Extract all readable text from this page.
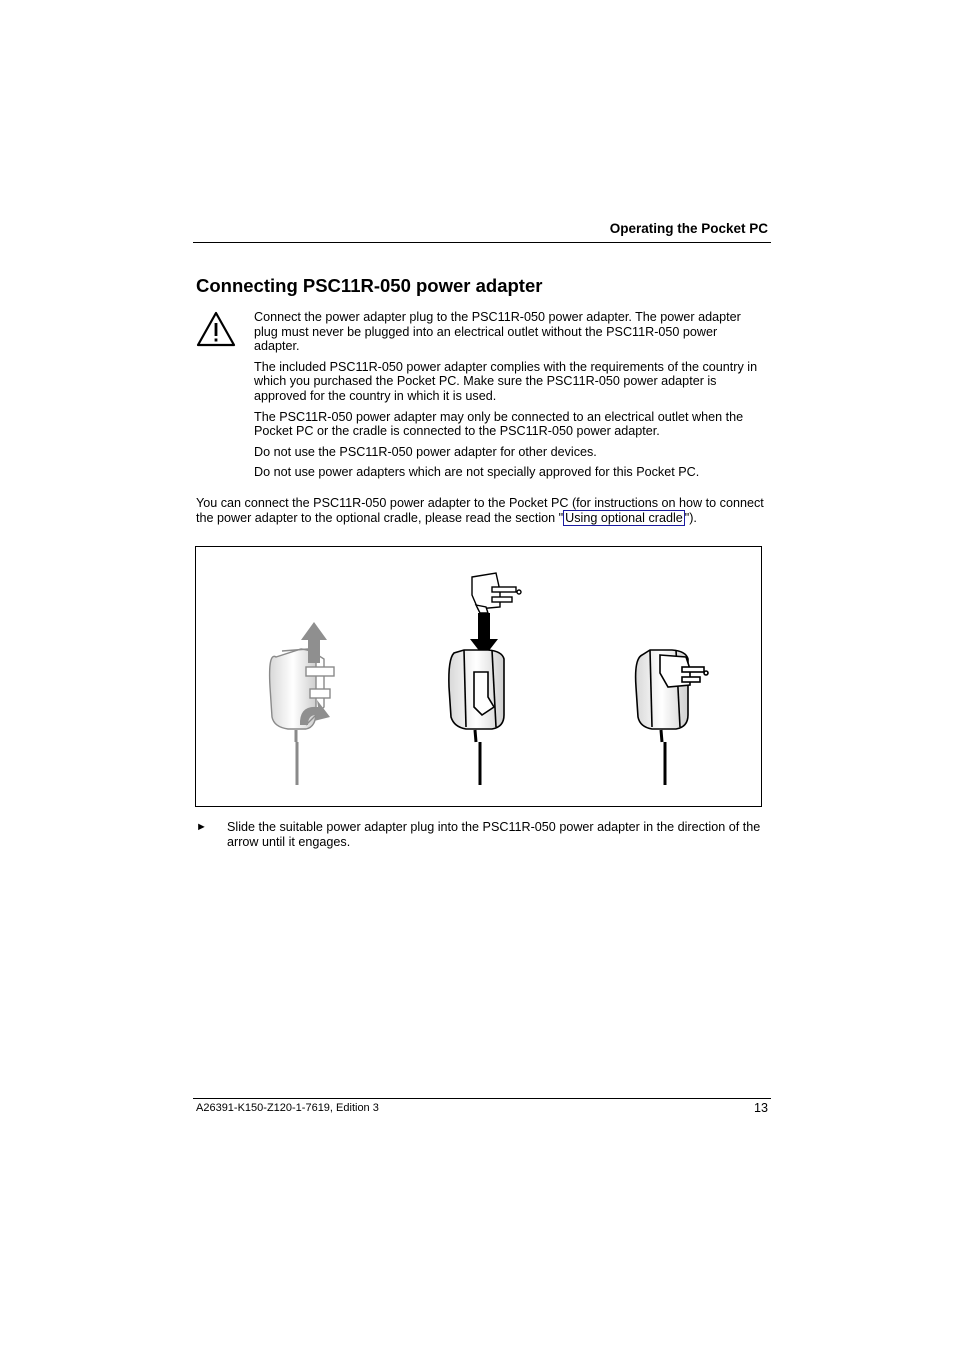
Operating the Pocket PC
Connecting PSC11R-050 power adapter

Connect the power adapter plug to the PSC11R-050 power adapter. The power adapter plug must never be plugged into an electrical outlet without the PSC11R-050 power adapter.

The included PSC11R-050 power adapter complies with the requirements of the country in which you purchased the Pocket PC. Make sure the PSC11R-050 power adapter is approved for the country in which it is used.

The PSC11R-050 power adapter may only be connected to an electrical outlet when the Pocket PC or the cradle is connected to the PSC11R-050 power adapter.

Do not use the PSC11R-050 power adapter for other devices.

Do not use power adapters which are not specially approved for this Pocket PC.

You can connect the PSC11R-050 power adapter to the Pocket PC (for instructions on how to connect the power adapter to the optional cradle, please read the section " Using optional cradle ").
► Slide the suitable power adapter plug into the PSC11R-050 power adapter in the direction of the arrow until it engages.
A26391-K150-Z120-1-7619, Edition 3	13
